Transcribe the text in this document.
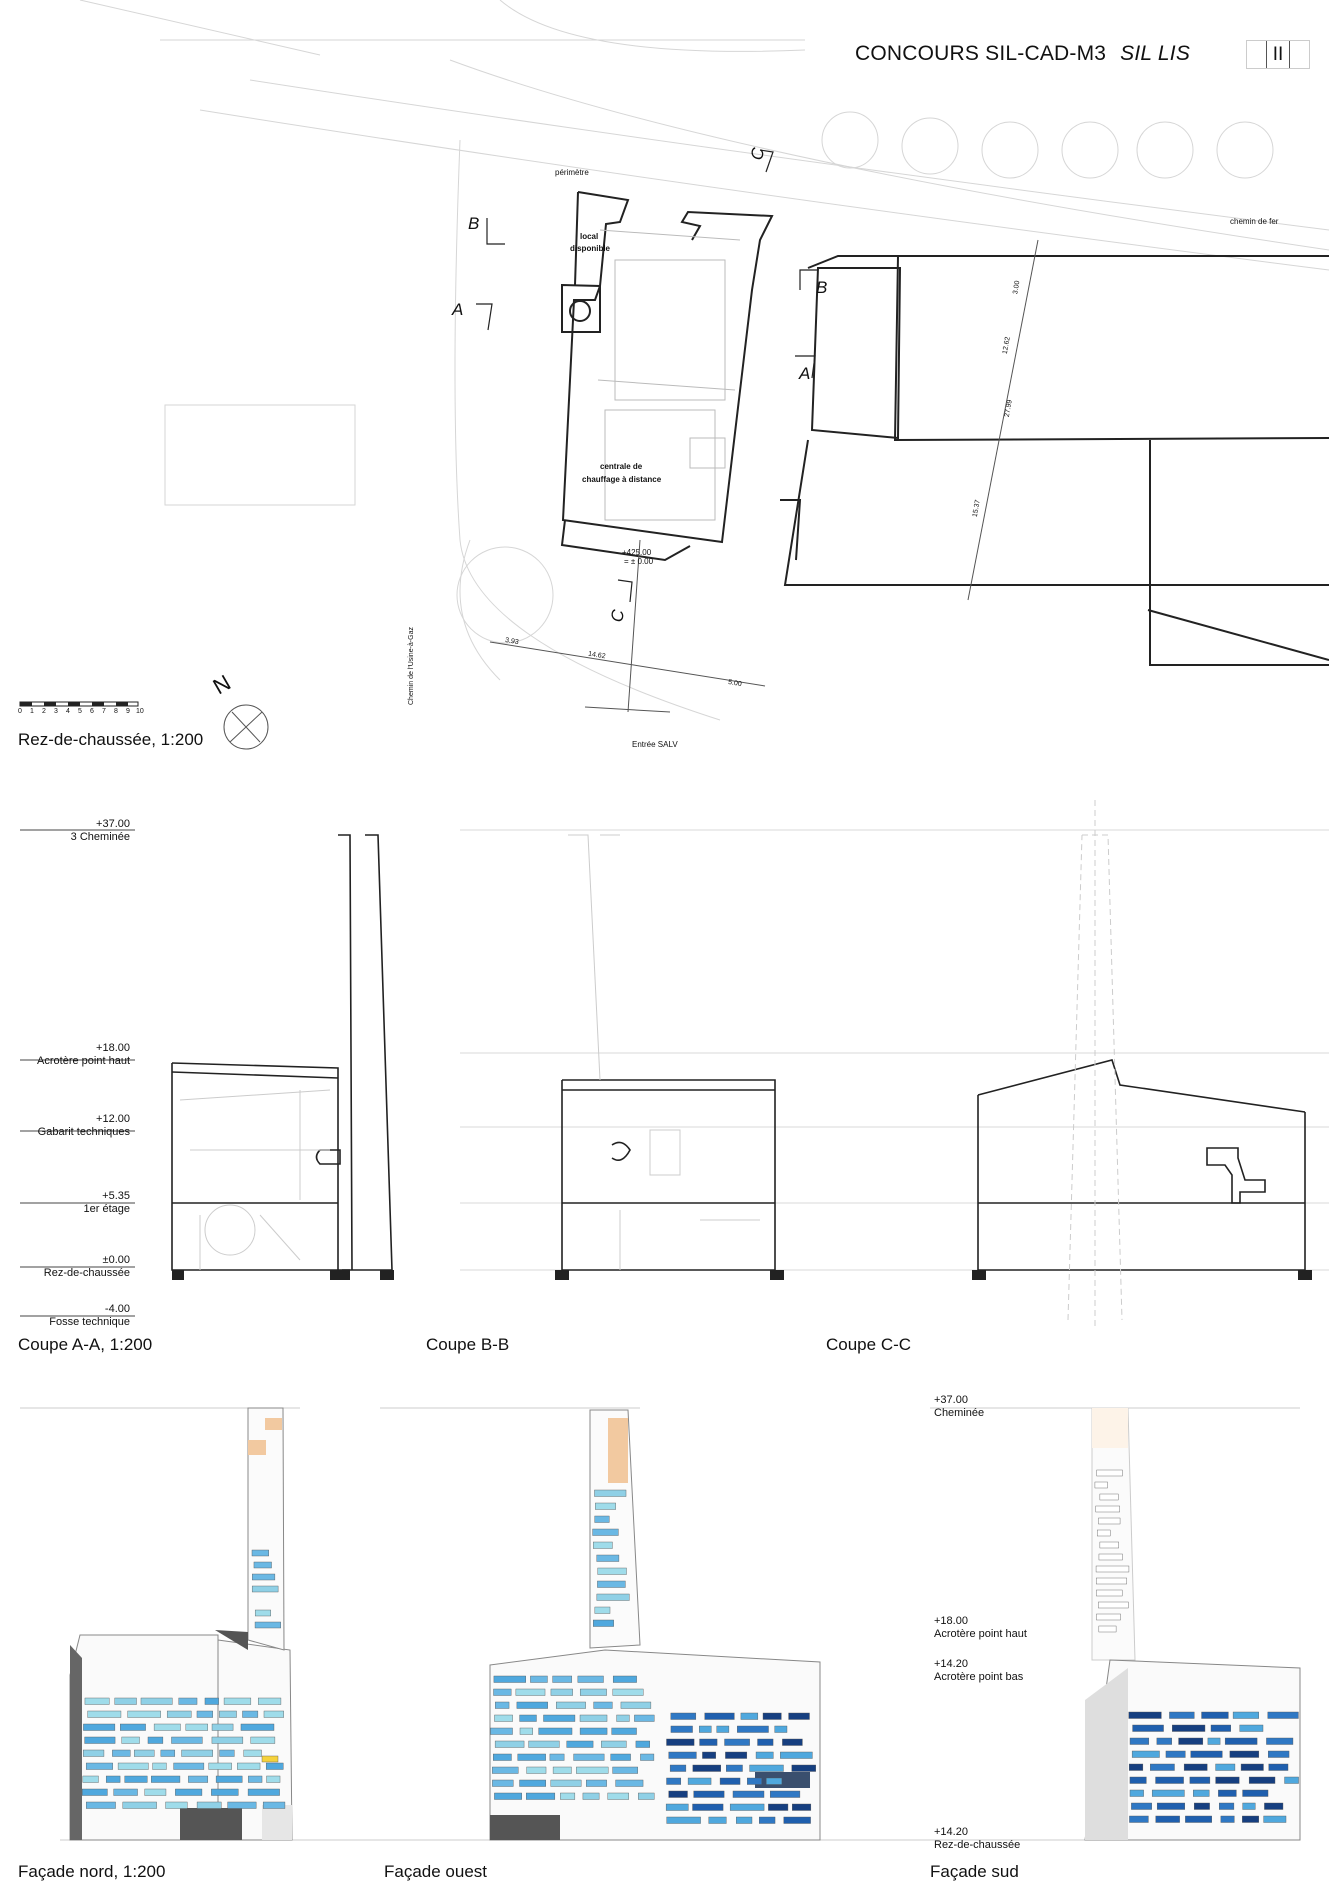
CONCOURS SIL-CAD-M3 SIL LIS	II
périmètre
local
disponible
centrale de
chauffage à distance
chemin de fer
Chemin de l'Usine-à-Gaz
Entrée SALV
+425.00
= ± 0.00
B
A
B
A
C
C
3.93
14.62
5.00
3.00
12.62
27.99
15.37
0 1 2 3 4 5 6 7 8 9 10
N
Rez-de-chaussée, 1:200
+37.00
3 Cheminée
+18.00
Acrotère point haut
+12.00
Gabarit techniques
+5.35
1er étage
±0.00
Rez-de-chaussée
-4.00
Fosse technique
Coupe A-A, 1:200	Coupe B-B	Coupe C-C
+37.00
Cheminée
+18.00
Acrotère point haut
+14.20
Acrotère point bas
+14.20
Rez-de-chaussée
Façade nord, 1:200	Façade ouest	Façade sud
